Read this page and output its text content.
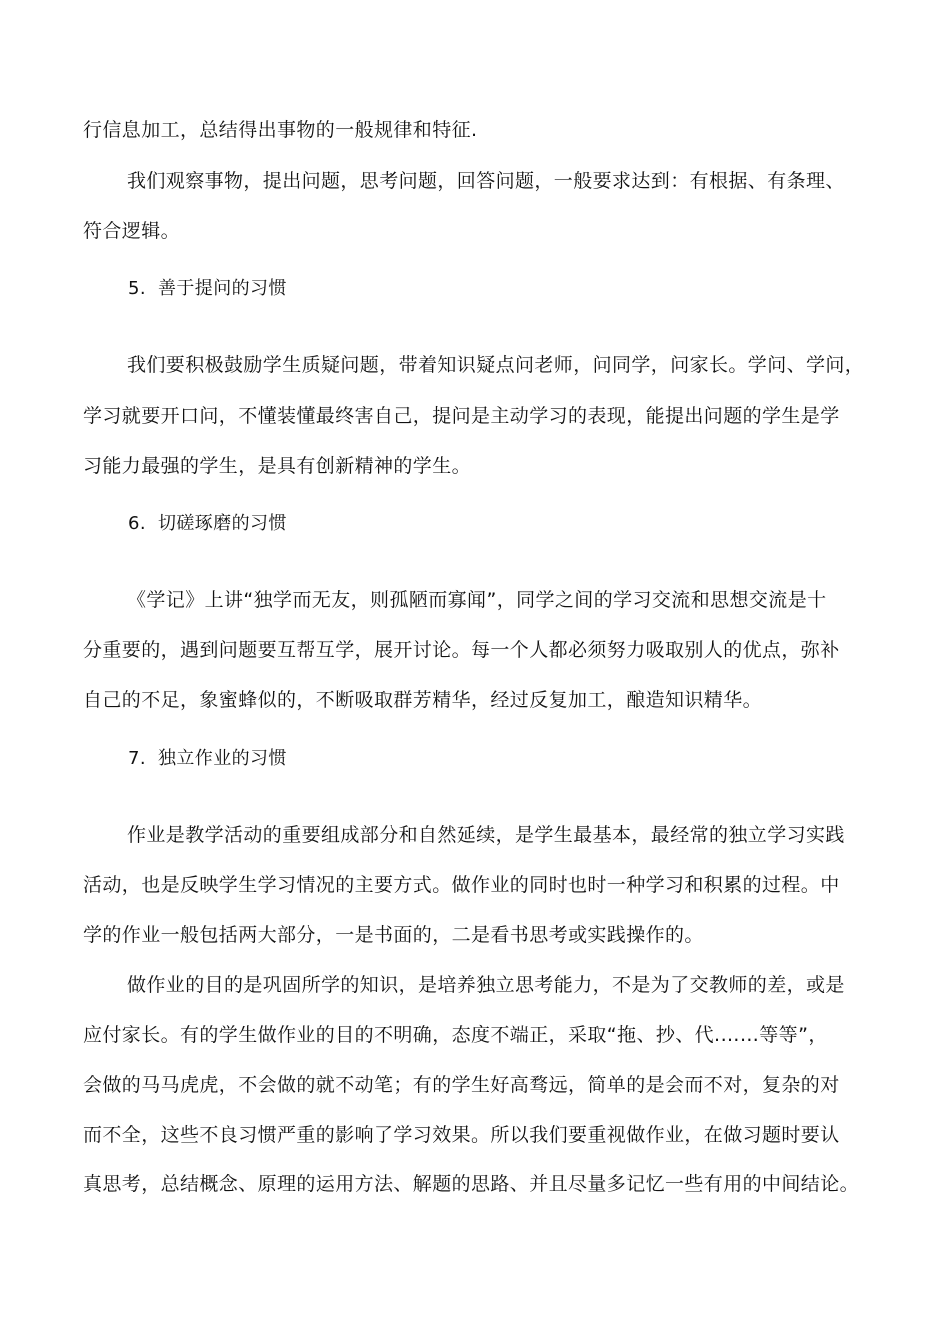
行信息加工，总结得出事物的一般规律和特征.
我们观察事物，提出问题，思考问题，回答问题，一般要求达到：有根据、有条理、
符合逻辑。
5. 善于提问的习惯
我们要积极鼓励学生质疑问题，带着知识疑点问老师，问同学，问家长。学问、学问，
学习就要开口问，不懂装懂最终害自己，提问是主动学习的表现，能提出问题的学生是学
习能力最强的学生，是具有创新精神的学生。
6. 切磋琢磨的习惯
《学记》上讲“独学而无友，则孤陋而寡闻”，同学之间的学习交流和思想交流是十
分重要的，遇到问题要互帮互学，展开讨论。每一个人都必须努力吸取别人的优点，弥补
自己的不足，象蜜蜂似的，不断吸取群芳精华，经过反复加工，酿造知识精华。
7. 独立作业的习惯
作业是教学活动的重要组成部分和自然延续，是学生最基本，最经常的独立学习实践
活动，也是反映学生学习情况的主要方式。做作业的同时也时一种学习和积累的过程。中
学的作业一般包括两大部分，一是书面的，二是看书思考或实践操作的。
做作业的目的是巩固所学的知识，是培养独立思考能力，不是为了交教师的差，或是
应付家长。有的学生做作业的目的不明确，态度不端正，采取“拖、抄、代.……等等”，
会做的马马虎虎，不会做的就不动笔；有的学生好高骛远，简单的是会而不对，复杂的对
而不全，这些不良习惯严重的影响了学习效果。所以我们要重视做作业，在做习题时要认
真思考，总结概念、原理的运用方法、解题的思路、并且尽量多记忆一些有用的中间结论。
